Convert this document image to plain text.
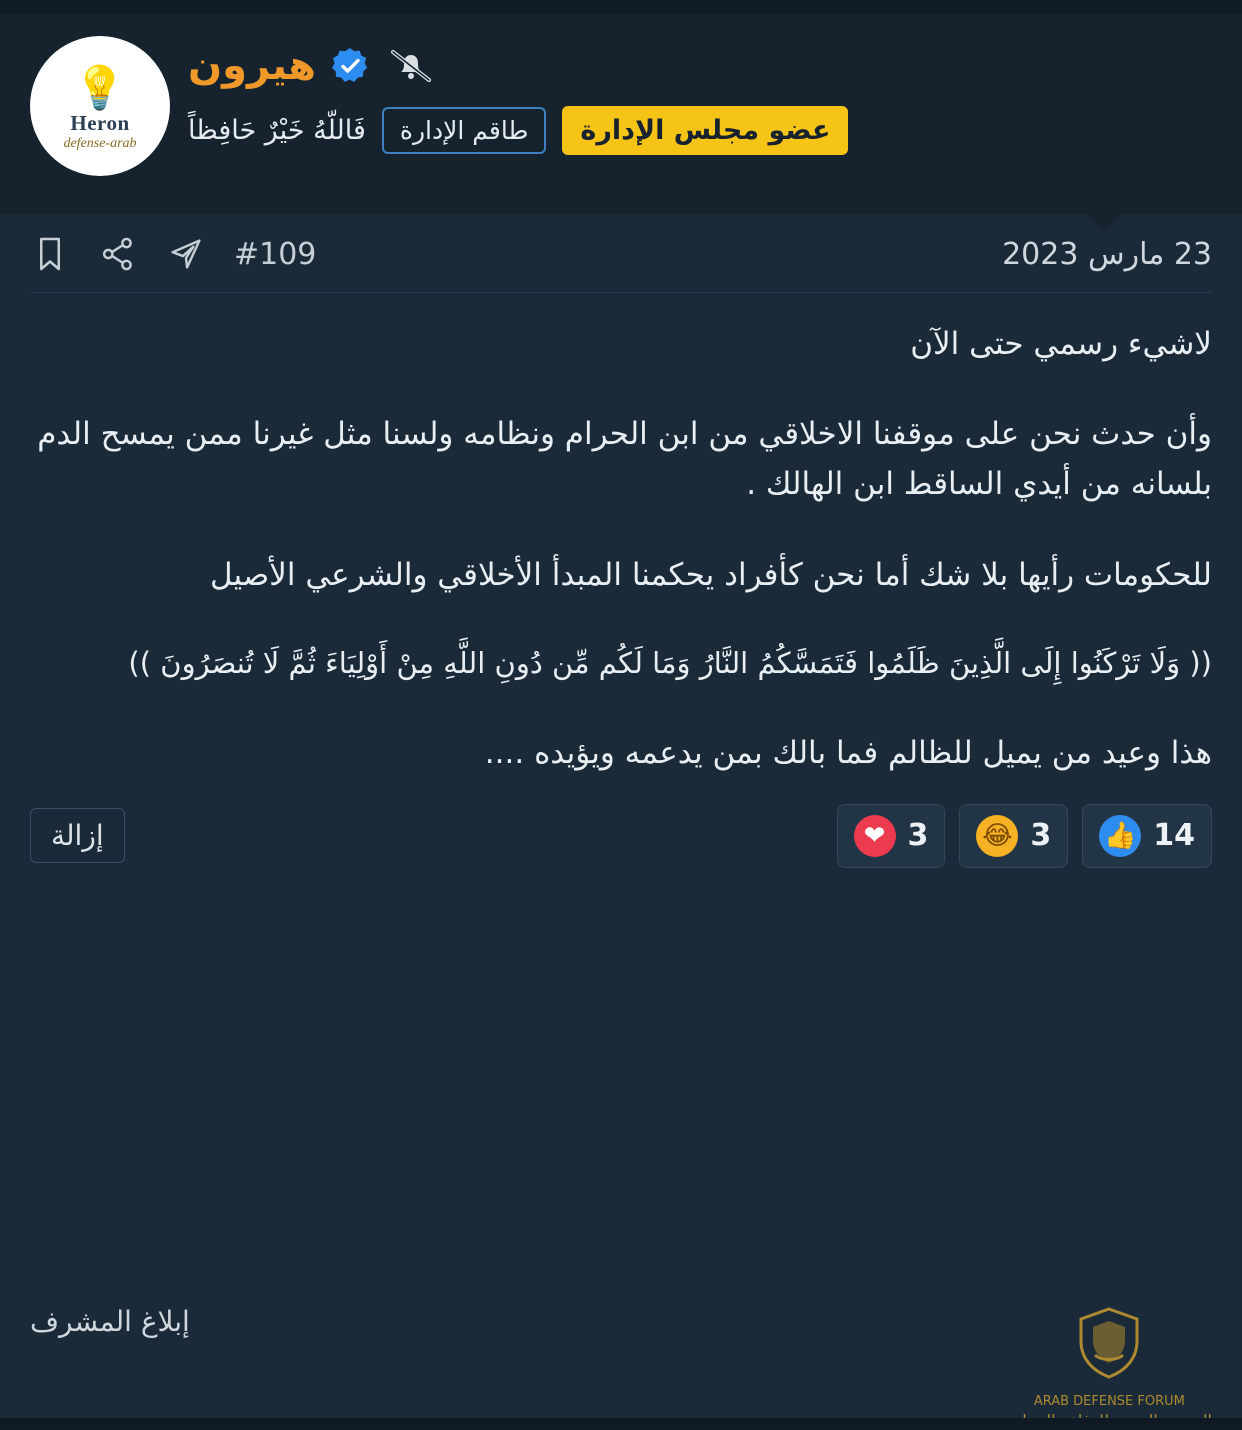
💡
Heron
defense-arab
هيرون
عضو مجلس الإدارة
طاقم الإدارة
فَاللّهُ خَيْرٌ حَافِظاً
23 مارس 2023
#109

لاشيء رسمي حتى الآن

وأن حدث نحن على موقفنا الاخلاقي من ابن الحرام ونظامه ولسنا مثل غيرنا ممن يمسح الدم بلسانه من أيدي الساقط ابن الهالك .

للحكومات رأيها بلا شك أما نحن كأفراد يحكمنا المبدأ الأخلاقي والشرعي الأصيل

(( وَلَا تَرْكَنُوا إِلَى الَّذِينَ ظَلَمُوا فَتَمَسَّكُمُ النَّارُ وَمَا لَكُم مِّن دُونِ اللَّهِ مِنْ أَوْلِيَاءَ ثُمَّ لَا تُنصَرُونَ ))

هذا وعيد من يميل للظالم فما بالك بمن يدعمه ويؤيده ....

👍 14
😂 3
❤ 3
إزالة
ARAB DEFENSE FORUM
إبلاغ المشرف
